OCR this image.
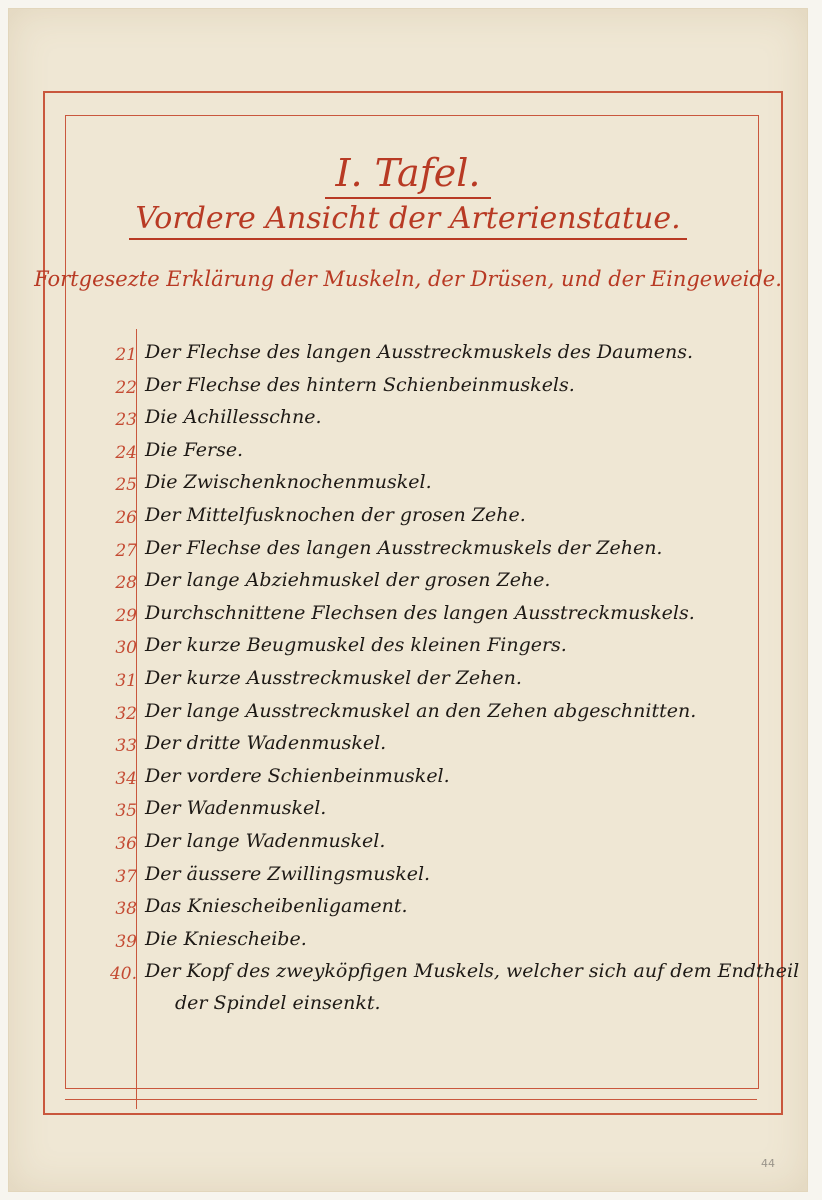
I. Tafel.
Vordere Ansicht der Arterienstatue.
Fortgesezte Erklärung der Muskeln, der Drüsen, und der Eingeweide.
21 Der Flechse des langen Ausstreckmuskels des Daumens.
22 Der Flechse des hintern Schienbeinmuskels.
23 Die Achillesschne.
24 Die Ferse.
25 Die Zwischenknochenmuskel.
26 Der Mittelfusknochen der grosen Zehe.
27 Der Flechse des langen Ausstreckmuskels der Zehen.
28 Der lange Abziehmuskel der grosen Zehe.
29 Durchschnittene Flechsen des langen Ausstreckmuskels.
30 Der kurze Beugmuskel des kleinen Fingers.
31 Der kurze Ausstreckmuskel der Zehen.
32 Der lange Ausstreckmuskel an den Zehen abgeschnitten.
33 Der dritte Wadenmuskel.
34 Der vordere Schienbeinmuskel.
35 Der Wadenmuskel.
36 Der lange Wadenmuskel.
37 Der äussere Zwillingsmuskel.
38 Das Kniescheibenligament.
39 Die Kniescheibe.
40. Der Kopf des zweyköpfigen Muskels, welcher sich auf dem Endtheil
der Spindel einsenkt.
44
